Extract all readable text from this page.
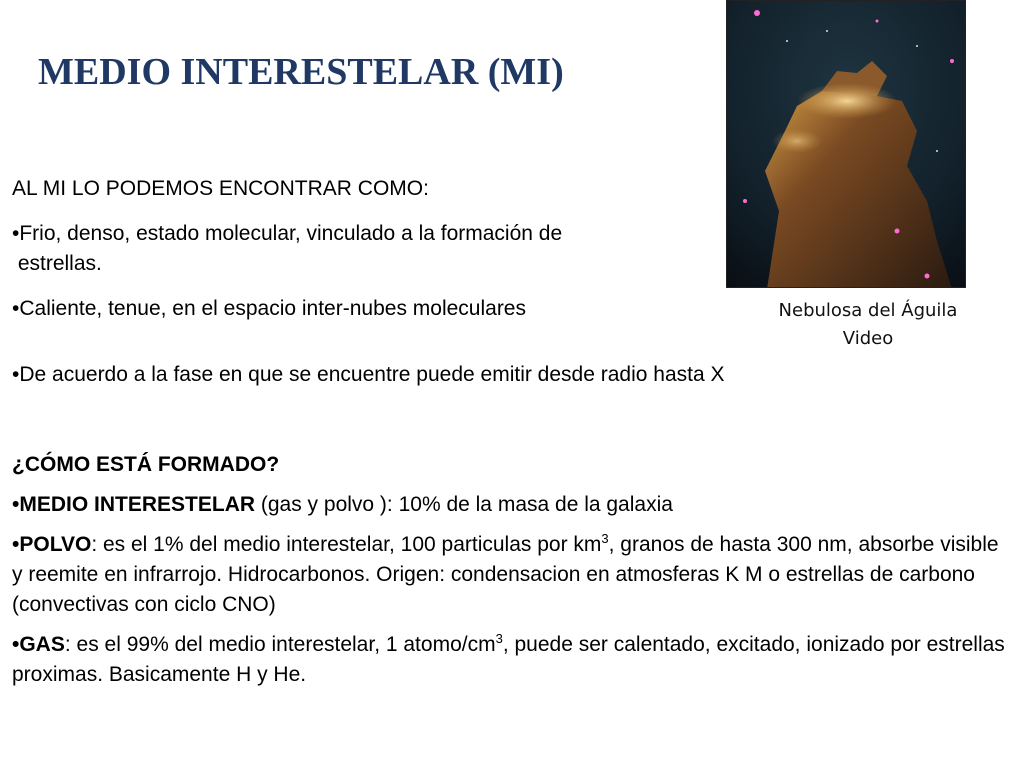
MEDIO INTERESTELAR (MI)

AL MI LO PODEMOS ENCONTRAR COMO:

•Frio, denso, estado molecular, vinculado a la formación de

estrellas.

•Caliente, tenue, en el espacio inter-nubes moleculares

•De acuerdo a la fase en que se encuentre puede emitir desde radio hasta X

¿CÓMO ESTÁ FORMADO?

•MEDIO INTERESTELAR (gas y polvo ): 10% de la masa de la galaxia

•POLVO: es el 1% del medio interestelar, 100 particulas por $km^3$, granos de hasta 300 nm, absorbe visible y reemite en infrarrojo. Hidrocarbonos. Origen: condensacion en atmosferas K M o estrellas de carbono (convectivas con ciclo CNO)

•GAS: es el 99% del medio interestelar, 1 atomo/$cm^3$, puede ser calentado, excitado, ionizado por estrellas proximas. Basicamente H y He.

Nebulosa del Águila
Video
